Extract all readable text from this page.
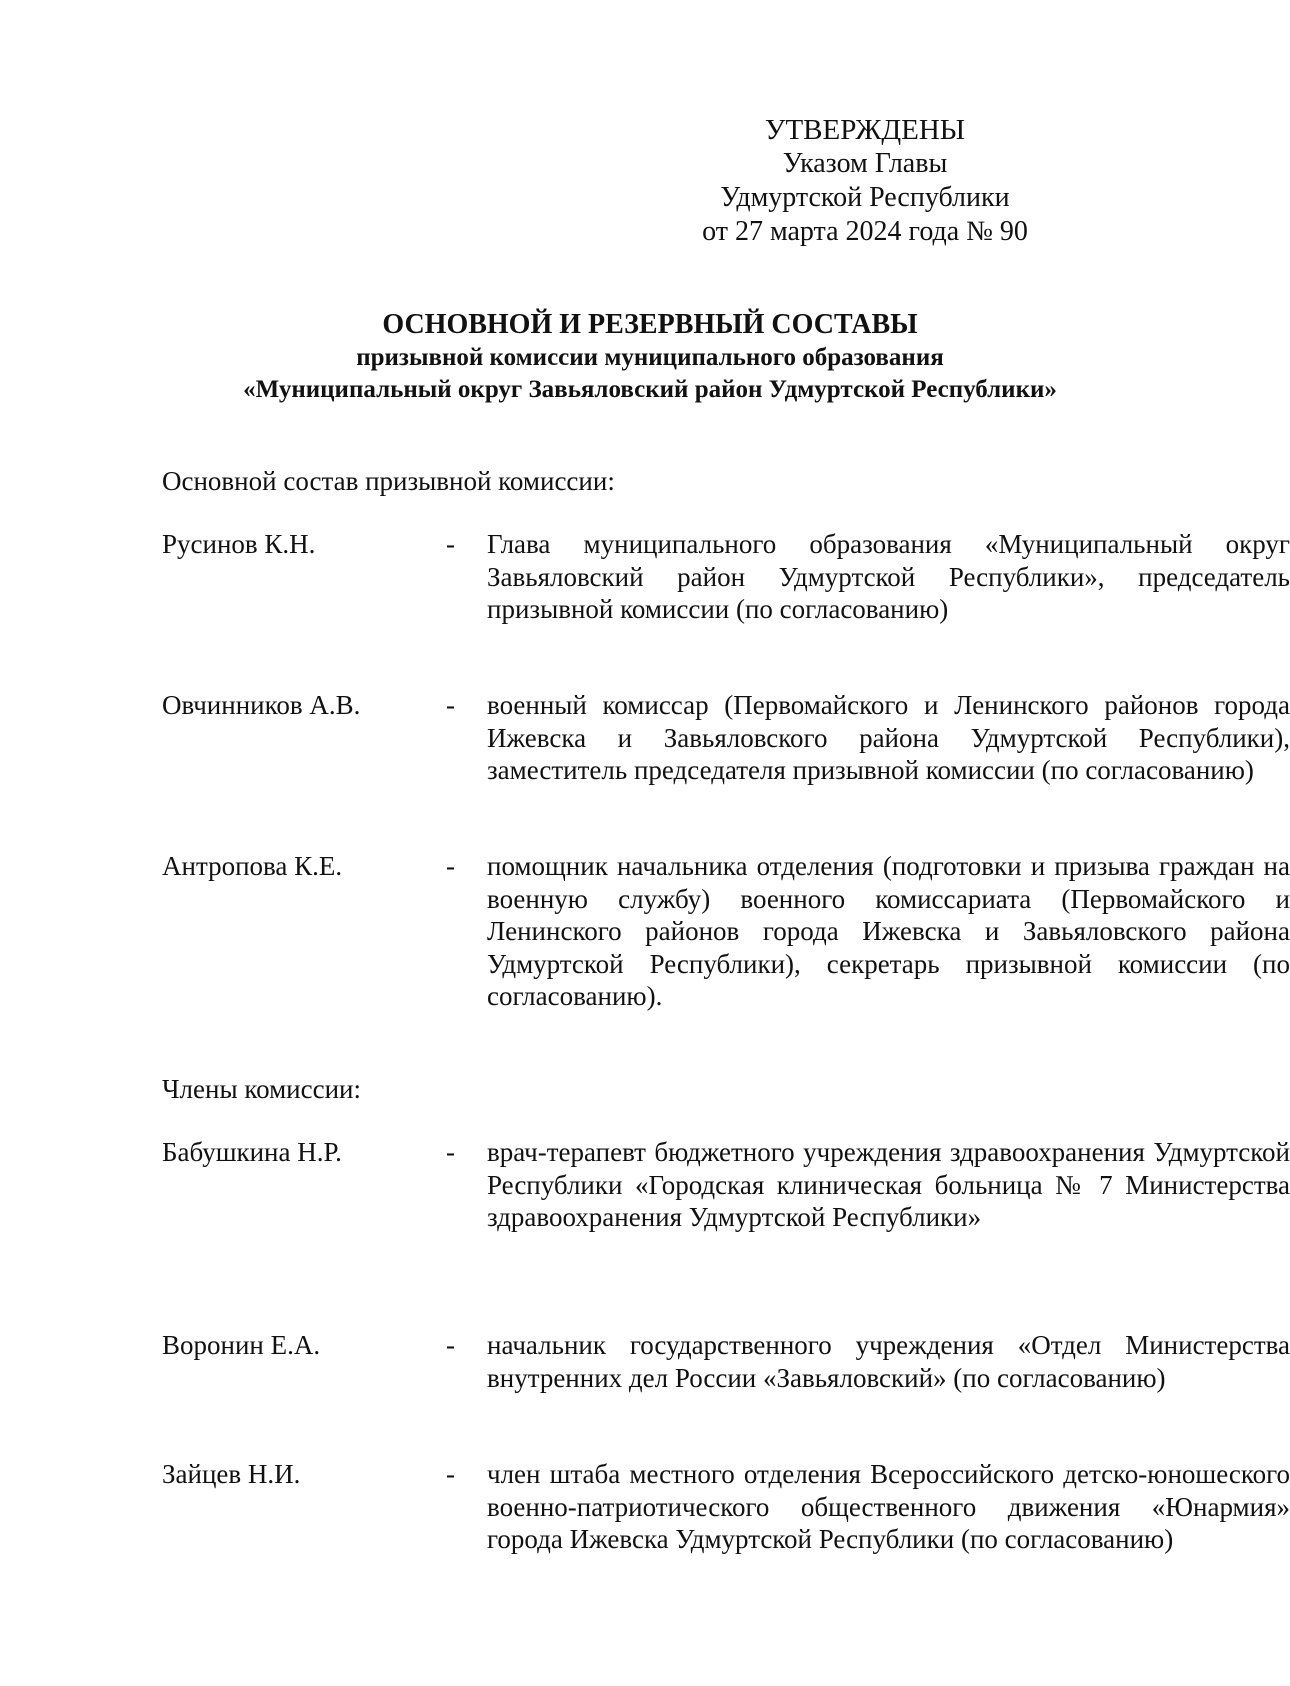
УТВЕРЖДЕНЫ
Указом Главы
Удмуртской Республики
от 27 марта 2024 года № 90
ОСНОВНОЙ И РЕЗЕРВНЫЙ СОСТАВЫ
призывной комиссии муниципального образования
«Муниципальный округ Завьяловский район Удмуртской Республики»
Основной состав призывной комиссии:
Русинов К.Н.	-	Глава муниципального образования «Муниципальный округ Завьяловский район Удмуртской Республики», председатель призывной комиссии (по согласованию)
Овчинников А.В.	-	военный комиссар (Первомайского и Ленинского районов города Ижевска и Завьяловского района Удмуртской Республики), заместитель председателя призывной комиссии (по согласованию)
Антропова К.Е.	-	помощник начальника отделения (подготовки и призыва граждан на военную службу) военного комиссариата (Первомайского и Ленинского районов города Ижевска и Завьяловского района Удмуртской Республики), секретарь призывной комиссии (по согласованию).
Члены комиссии:
Бабушкина Н.Р.	-	врач-терапевт бюджетного учреждения здравоохранения Удмуртской Республики «Городская клиническая больница № 7 Министерства здравоохранения Удмуртской Республики»
Воронин Е.А.	-	начальник государственного учреждения «Отдел Министерства внутренних дел России «Завьяловский» (по согласованию)
Зайцев Н.И.	-	член штаба местного отделения Всероссийского детско-юношеского военно-патриотического общественного движения «Юнармия» города Ижевска Удмуртской Республики (по согласованию)
